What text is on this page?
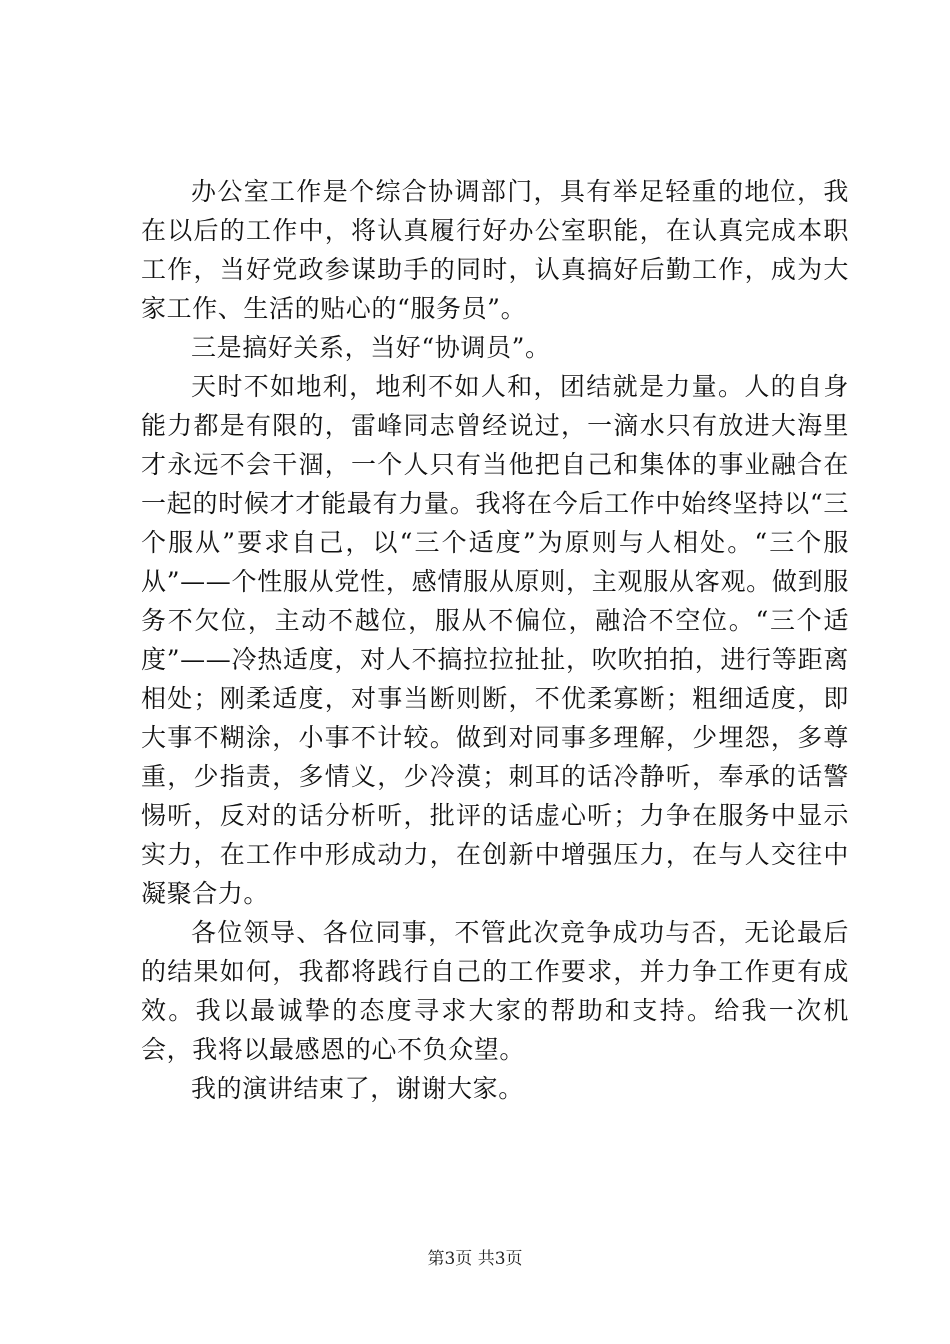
办公室工作是个综合协调部门，具有举足轻重的地位，我在以后的工作中，将认真履行好办公室职能，在认真完成本职工作，当好党政参谋助手的同时，认真搞好后勤工作，成为大家工作、生活的贴心的“服务员”。

三是搞好关系，当好“协调员”。

天时不如地利，地利不如人和，团结就是力量。人的自身能力都是有限的，雷峰同志曾经说过，一滴水只有放进大海里才永远不会干涸，一个人只有当他把自己和集体的事业融合在一起的时候才才能最有力量。我将在今后工作中始终坚持以“三个服从”要求自己，以“三个适度”为原则与人相处。“三个服从”——个性服从党性，感情服从原则，主观服从客观。做到服务不欠位，主动不越位，服从不偏位，融洽不空位。“三个适度”——冷热适度，对人不搞拉拉扯扯，吹吹拍拍，进行等距离相处；刚柔适度，对事当断则断，不优柔寡断；粗细适度，即大事不糊涂，小事不计较。做到对同事多理解，少埋怨，多尊重，少指责，多情义，少冷漠；刺耳的话冷静听，奉承的话警惕听，反对的话分析听，批评的话虚心听；力争在服务中显示实力，在工作中形成动力，在创新中增强压力，在与人交往中凝聚合力。

各位领导、各位同事，不管此次竞争成功与否，无论最后的结果如何，我都将践行自己的工作要求，并力争工作更有成效。我以最诚挚的态度寻求大家的帮助和支持。给我一次机会，我将以最感恩的心不负众望。

我的演讲结束了，谢谢大家。

第3页 共3页
